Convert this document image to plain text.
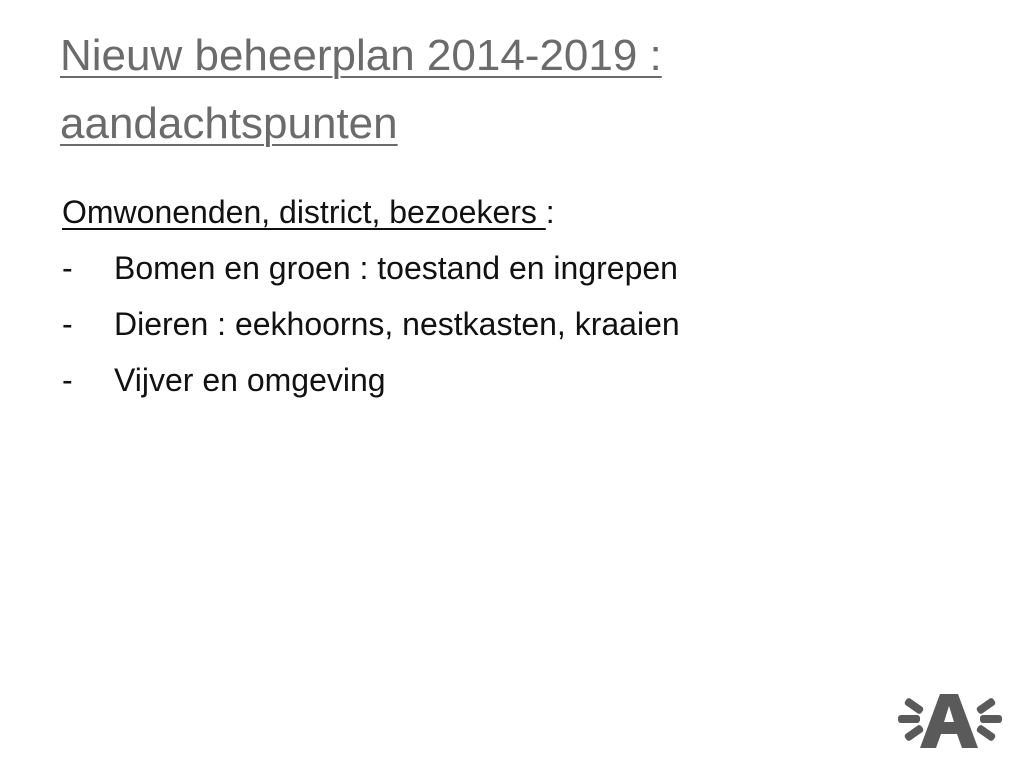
Nieuw beheerplan 2014-2019 :
aandachtspunten
Omwonenden, district, bezoekers :
- Bomen en groen : toestand en ingrepen
- Dieren : eekhoorns, nestkasten, kraaien
- Vijver en omgeving
